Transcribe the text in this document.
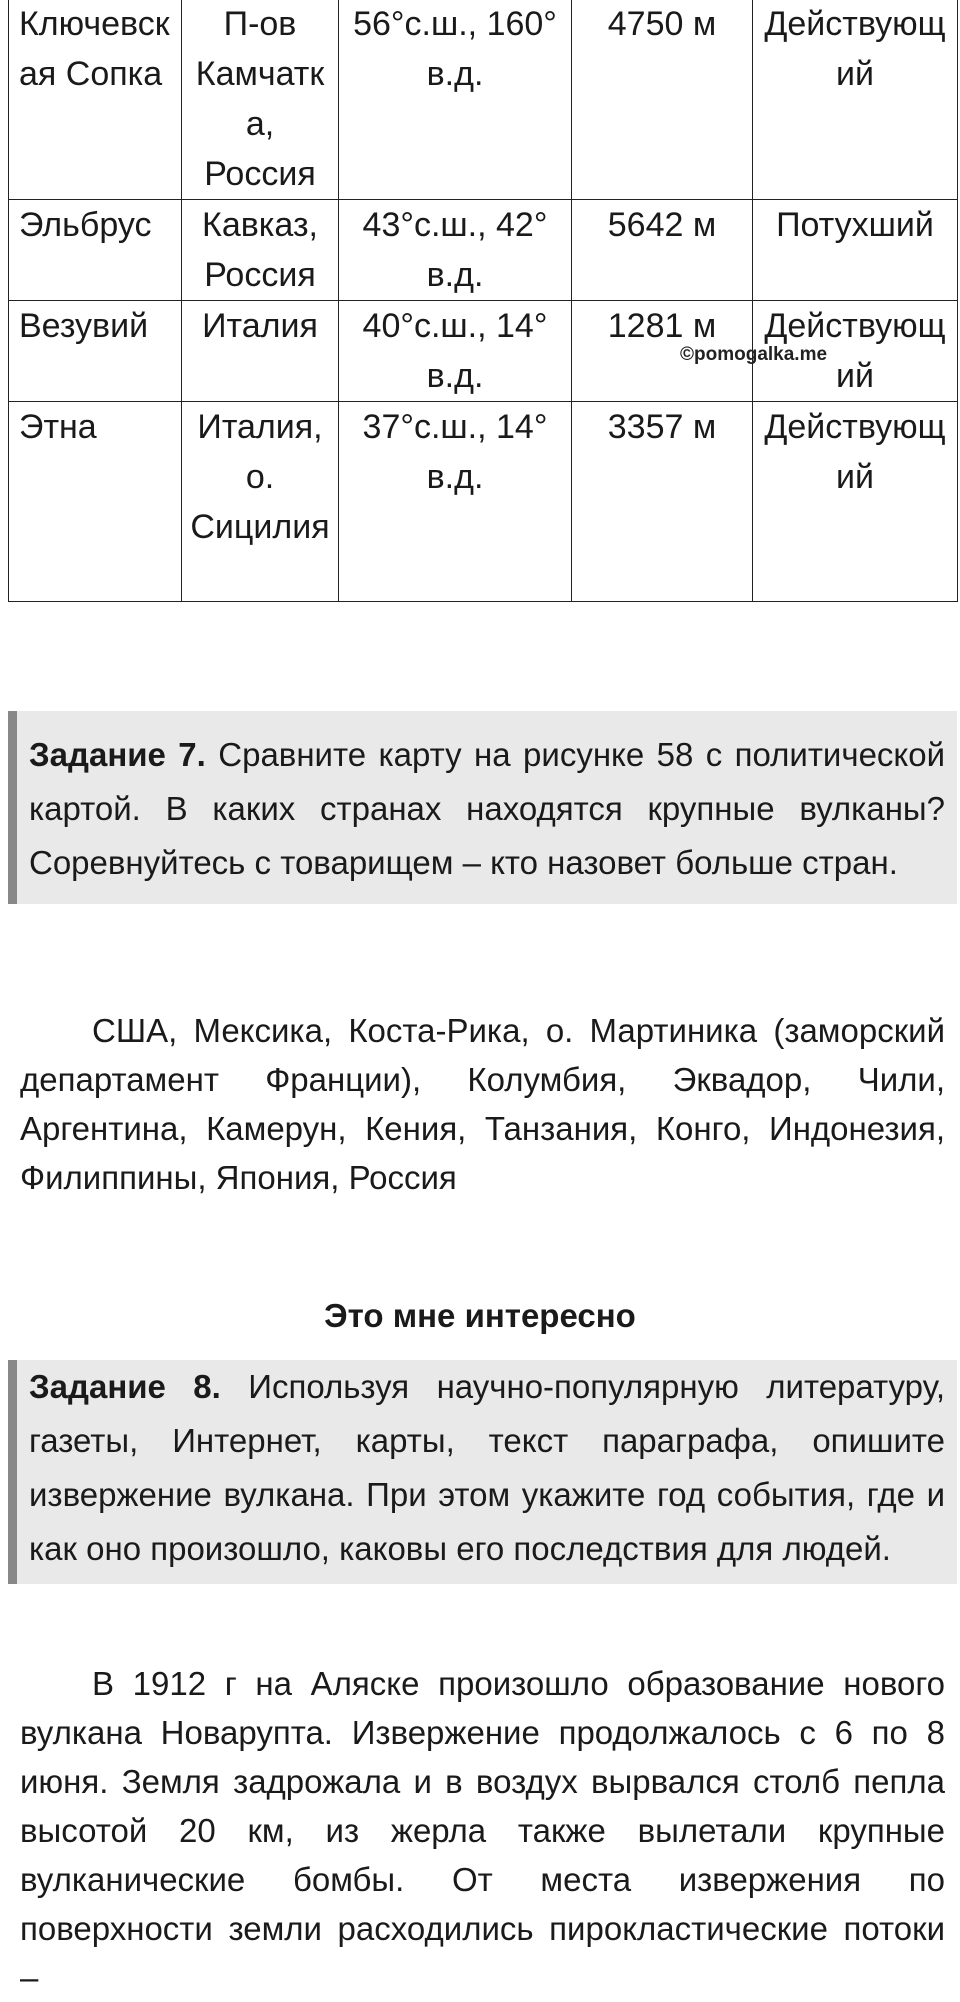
Ключевская Сопка	П-ов Камчатка, Россия	56°с.ш., 160° в.д.	4750 м	Действующий
Эльбрус	Кавказ, Россия	43°с.ш., 42° в.д.	5642 м	Потухший
Везувий	Италия	40°с.ш., 14° в.д.	1281 м	Действующий
Этна	Италия, о. Сицилия	37°с.ш., 14° в.д.	3357 м	Действующий
©pomogalka.me
Задание 7. Сравните карту на рисунке 58 с политической картой. В каких странах находятся крупные вулканы? Соревнуйтесь с товарищем – кто назовет больше стран.
США, Мексика, Коста-Рика, о. Мартиника (заморский департамент Франции), Колумбия, Эквадор, Чили, Аргентина, Камерун, Кения, Танзания, Конго, Индонезия, Филиппины, Япония, Россия
Это мне интересно
Задание 8. Используя научно-популярную литературу, газеты, Интернет, карты, текст параграфа, опишите извержение вулкана. При этом укажите год события, где и как оно произошло, каковы его последствия для людей.
В 1912 г на Аляске произошло образование нового вулкана Новарупта. Извержение продолжалось с 6 по 8 июня. Земля задрожала и в воздух вырвался столб пепла высотой 20 км, из жерла также вылетали крупные вулканические бомбы. От места извержения по поверхности земли расходились пирокластические потоки –
